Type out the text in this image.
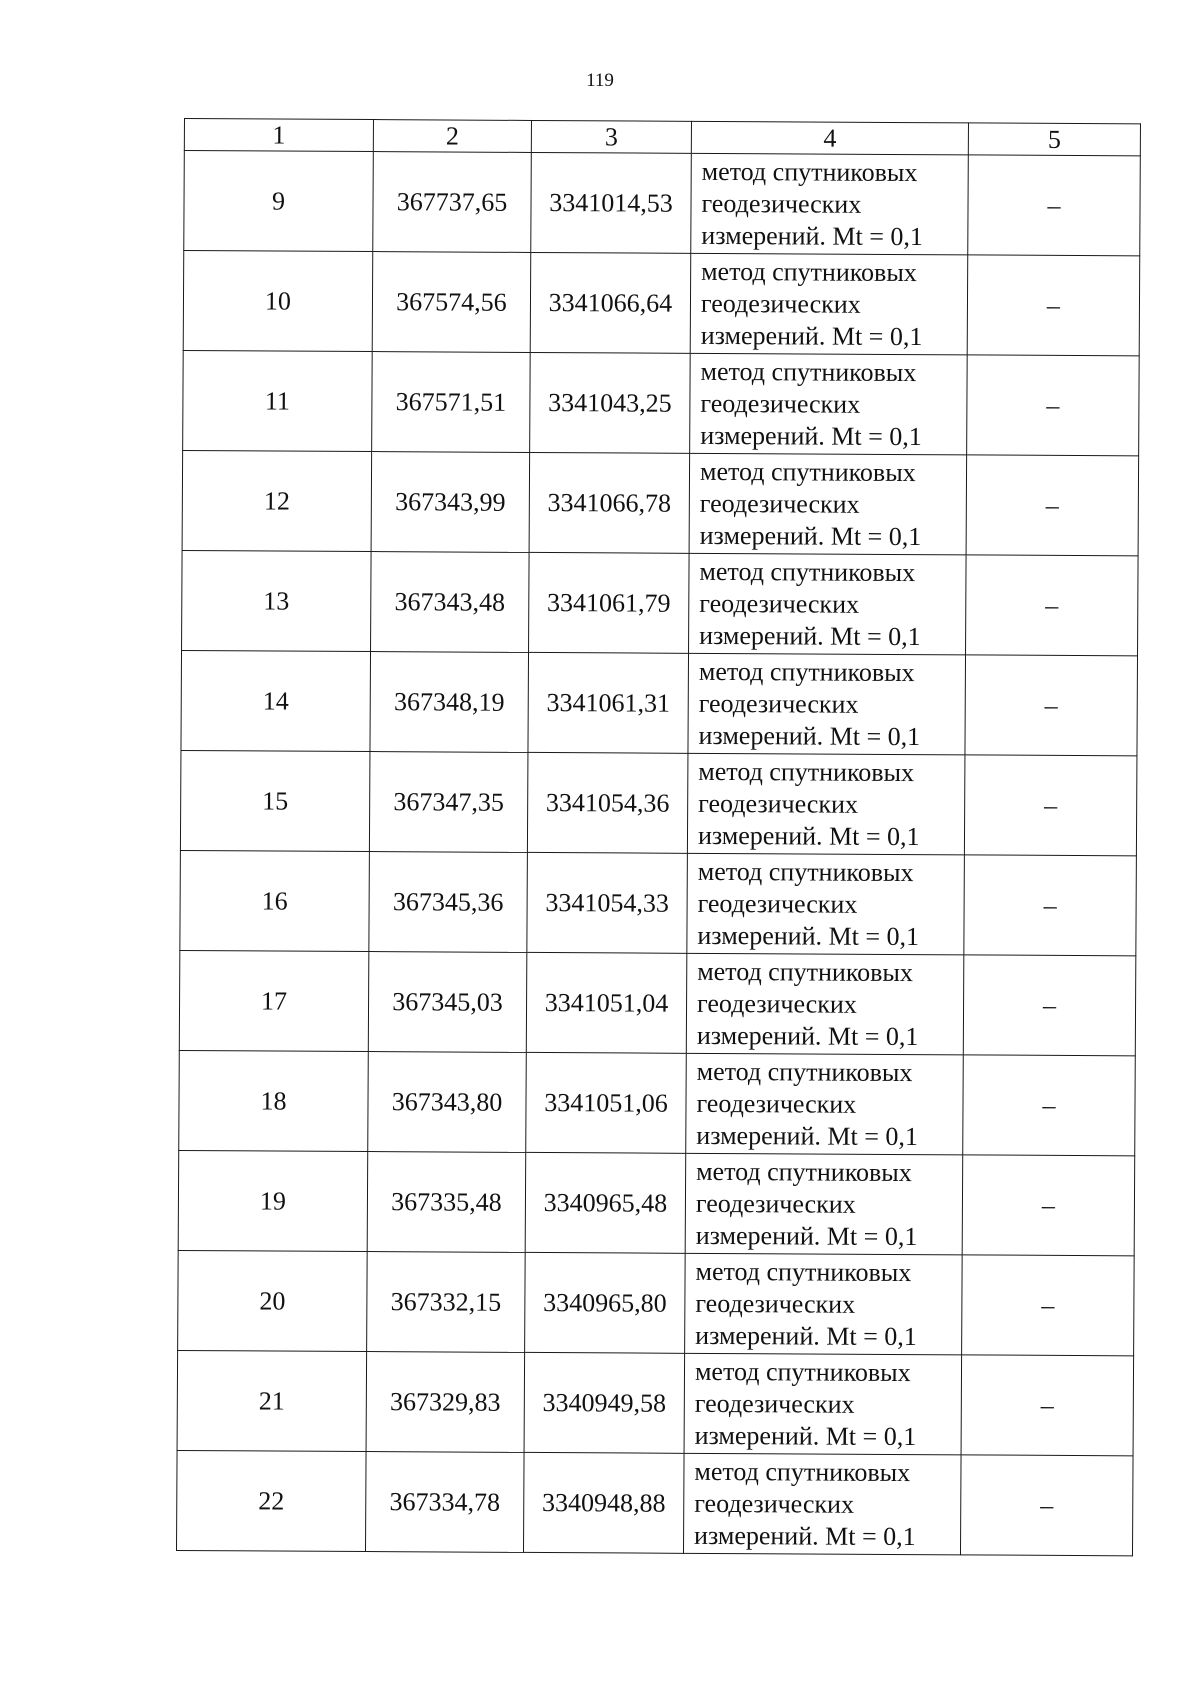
119
1	2	3	4	5
9	367737,65	3341014,53	метод спутниковых
геодезических
измерений. Mt = 0,1	–
10	367574,56	3341066,64	метод спутниковых
геодезических
измерений. Mt = 0,1	–
11	367571,51	3341043,25	метод спутниковых
геодезических
измерений. Mt = 0,1	–
12	367343,99	3341066,78	метод спутниковых
геодезических
измерений. Mt = 0,1	–
13	367343,48	3341061,79	метод спутниковых
геодезических
измерений. Mt = 0,1	–
14	367348,19	3341061,31	метод спутниковых
геодезических
измерений. Mt = 0,1	–
15	367347,35	3341054,36	метод спутниковых
геодезических
измерений. Mt = 0,1	–
16	367345,36	3341054,33	метод спутниковых
геодезических
измерений. Mt = 0,1	–
17	367345,03	3341051,04	метод спутниковых
геодезических
измерений. Mt = 0,1	–
18	367343,80	3341051,06	метод спутниковых
геодезических
измерений. Mt = 0,1	–
19	367335,48	3340965,48	метод спутниковых
геодезических
измерений. Mt = 0,1	–
20	367332,15	3340965,80	метод спутниковых
геодезических
измерений. Mt = 0,1	–
21	367329,83	3340949,58	метод спутниковых
геодезических
измерений. Mt = 0,1	–
22	367334,78	3340948,88	метод спутниковых
геодезических
измерений. Mt = 0,1	–
